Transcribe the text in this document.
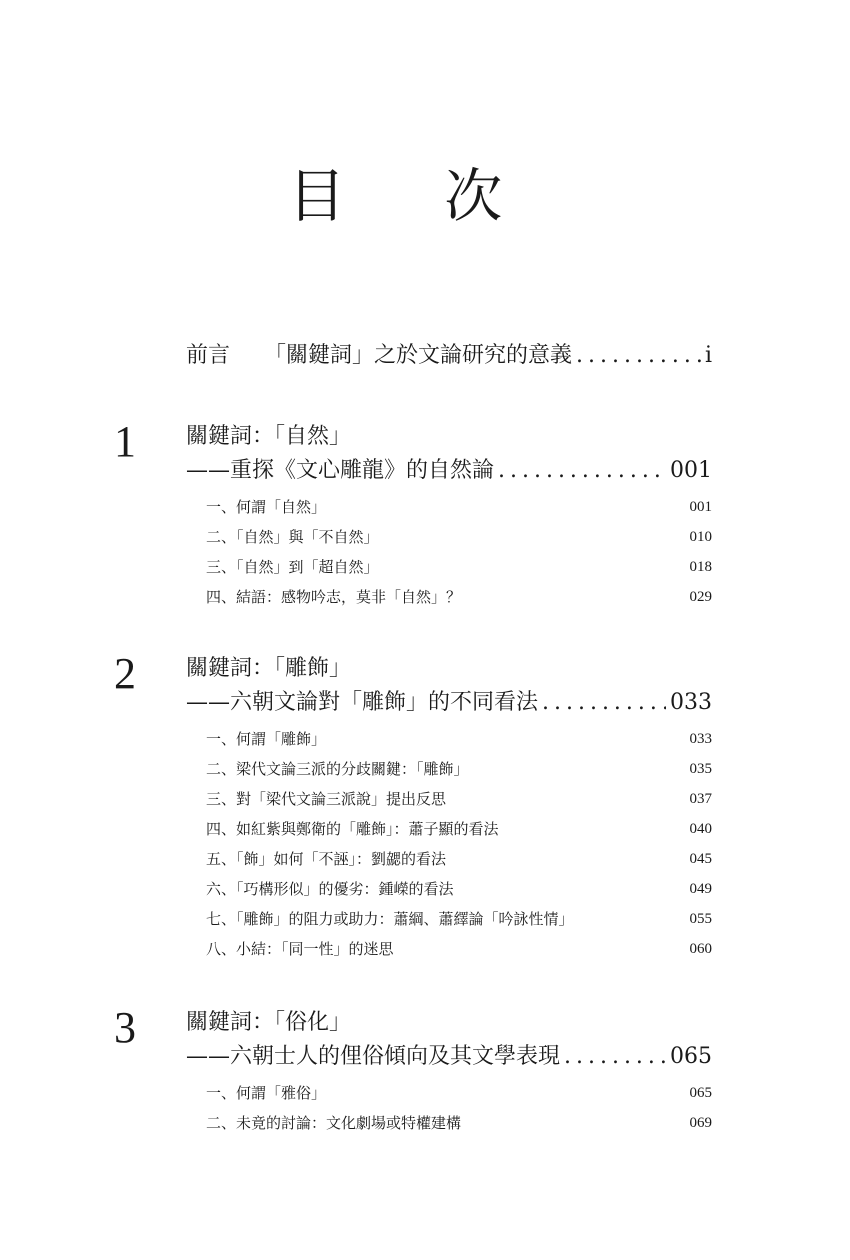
目 次
前言 「關鍵詞」之於文論研究的意義 . . .	i
1 關鍵詞：「自然」
——重探《文心雕龍》的自然論 . . .	001
一、何謂「自然」	001
二、「自然」與「不自然」	010
三、「自然」到「超自然」	018
四、結語：感物吟志，莫非「自然」？	029
2 關鍵詞：「雕飾」
——六朝文論對「雕飾」的不同看法 . . .	033
一、何謂「雕飾」	033
二、梁代文論三派的分歧關鍵：「雕飾」	035
三、對「梁代文論三派說」提出反思	037
四、如紅紫與鄭衛的「雕飾」：蕭子顯的看法	040
五、「飾」如何「不誣」：劉勰的看法	045
六、「巧構形似」的優劣：鍾嶸的看法	049
七、「雕飾」的阻力或助力：蕭綱、蕭繹論「吟詠性情」	055
八、小結：「同一性」的迷思	060
3 關鍵詞：「俗化」
——六朝士人的俚俗傾向及其文學表現 . . .	065
一、何謂「雅俗」	065
二、未竟的討論：文化劇場或特權建構	069
